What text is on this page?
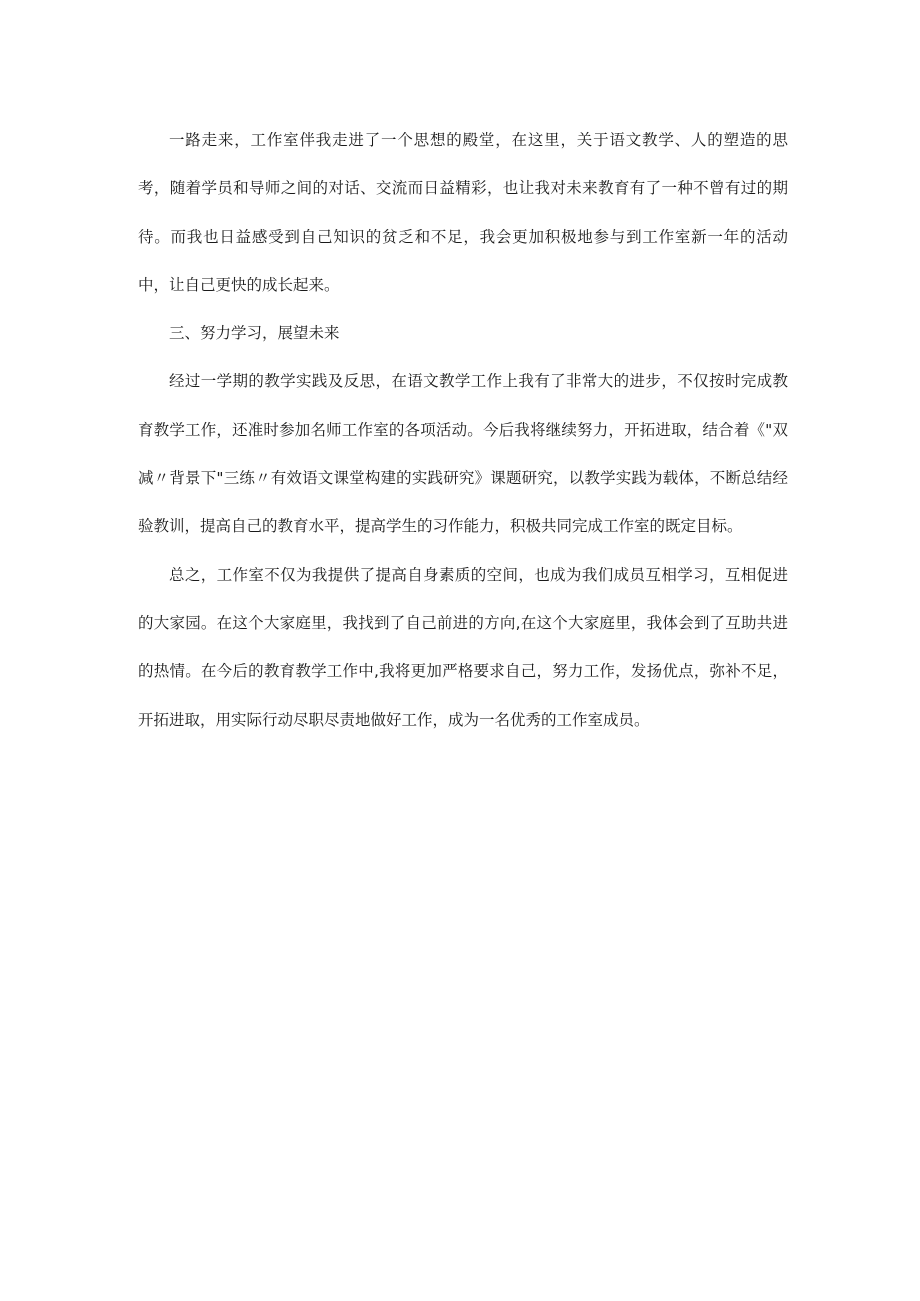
一路走来，工作室伴我走进了一个思想的殿堂，在这里，关于语文教学、人的塑造的思考，随着学员和导师之间的对话、交流而日益精彩，也让我对未来教育有了一种不曾有过的期待。而我也日益感受到自己知识的贫乏和不足，我会更加积极地参与到工作室新一年的活动中，让自己更快的成长起来。

三、努力学习，展望未来

经过一学期的教学实践及反思，在语文教学工作上我有了非常大的进步，不仅按时完成教育教学工作，还准时参加名师工作室的各项活动。今后我将继续努力，开拓进取，结合着《"双减〃背景下"三练〃有效语文课堂构建的实践研究》课题研究，以教学实践为载体，不断总结经验教训，提高自己的教育水平，提高学生的习作能力，积极共同完成工作室的既定目标。

总之，工作室不仅为我提供了提高自身素质的空间，也成为我们成员互相学习，互相促进的大家园。在这个大家庭里，我找到了自己前进的方向,在这个大家庭里，我体会到了互助共进的热情。在今后的教育教学工作中,我将更加严格要求自己，努力工作，发扬优点，弥补不足，开拓进取，用实际行动尽职尽责地做好工作，成为一名优秀的工作室成员。
